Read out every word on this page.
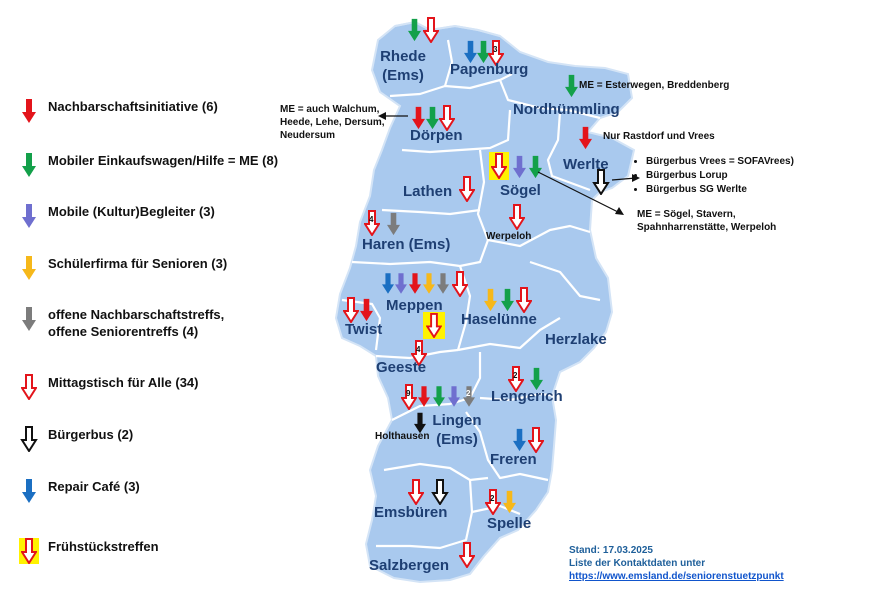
3
4
4
2
9	2
2
Rhede
(Ems)	Papenburg
Nordhümmling
Dörpen
Werlte
Lathen	Sögel
Haren (Ems)
Meppen
Twist
Haselünne
Herzlake
Geeste
Lengerich
Lingen
(Ems)
Freren
Emsbüren
Spelle
Salzbergen
ME = Esterwegen, Breddenberg
ME = auch Walchum,
Heede, Lehe, Dersum,
Neudersum	Nur Rastdorf und Vrees
ME = Sögel, Stavern,
Spahnharrenstätte, Werpeloh
Werpeloh
Holthausen
• Bürgerbus Vrees = SOFAVrees)
• Bürgerbus Lorup
• Bürgerbus SG Werlte
Nachbarschaftsinitiative (6)
Mobiler Einkaufswagen/Hilfe = ME (8)
Mobile (Kultur)Begleiter (3)
Schülerfirma für Senioren (3)
offene Nachbarschaftstreffs,
offene Seniorentreffs (4)
Mittagstisch für Alle (34)
Bürgerbus (2)
Repair Café (3)
Frühstückstreffen	Stand: 17.03.2025
Liste der Kontaktdaten unter
https://www.emsland.de/seniorenstuetzpunkt
